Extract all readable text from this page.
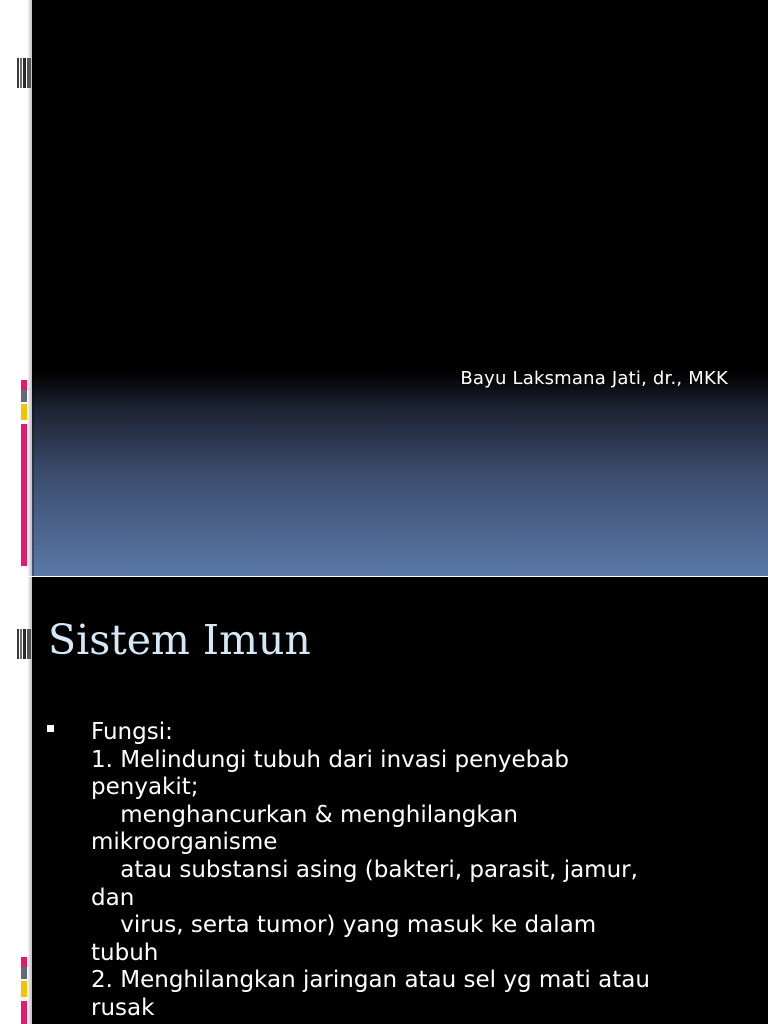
Bayu Laksmana Jati, dr., MKK
Sistem Imun
Fungsi:
1. Melindungi tubuh dari invasi penyebab
penyakit;
menghancurkan & menghilangkan
mikroorganisme
atau substansi asing (bakteri, parasit, jamur,
dan
virus, serta tumor) yang masuk ke dalam
tubuh
2. Menghilangkan jaringan atau sel yg mati atau
rusak
